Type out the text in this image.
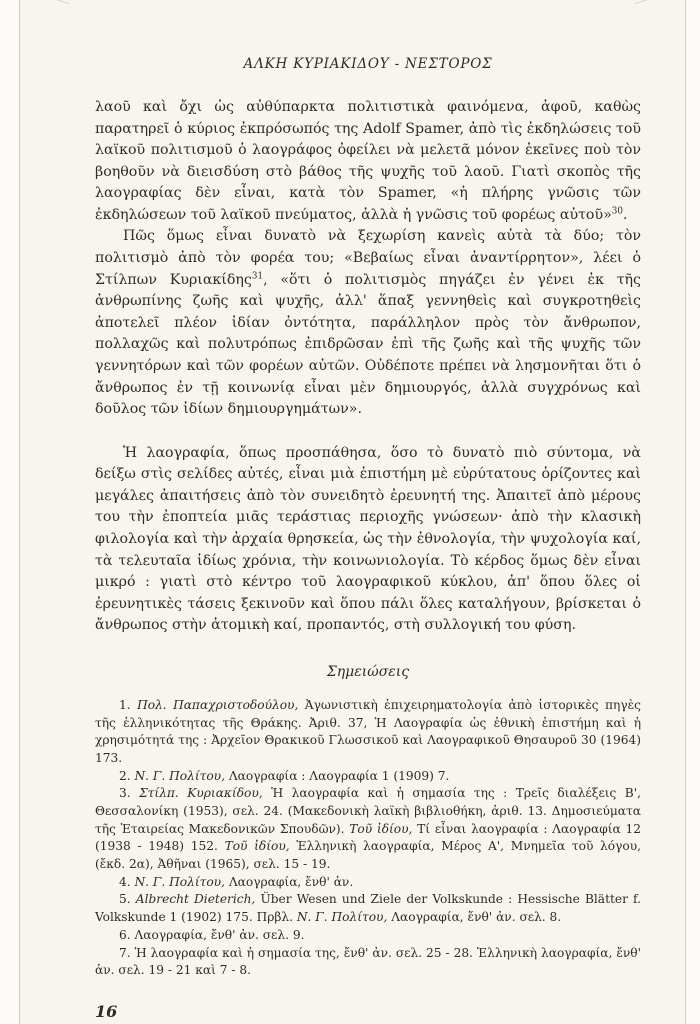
ΑΛΚΗ ΚΥΡΙΑΚΙΔΟΥ - ΝΕΣΤΟΡΟΣ

λαοῦ καὶ ὄχι ὡς αὐθύπαρκτα πολιτιστικὰ φαινόμενα, ἀφοῦ, καθὼς παρατηρεῖ ὁ κύριος ἐκπρόσωπός της Adolf Spamer, ἀπὸ τὶς ἐκδηλώσεις τοῦ λαϊκοῦ πολιτισμοῦ ὁ λαογράφος ὀφείλει νὰ μελετᾶ μόνον ἐκεῖνες ποὺ τὸν βοηθοῦν νὰ διεισδύση στὸ βάθος τῆς ψυχῆς τοῦ λαοῦ. Γιατὶ σκοπὸς τῆς λαογραφίας δὲν εἶναι, κατὰ τὸν Spamer, «ἡ πλήρης γνῶσις τῶν ἐκδηλώσεων τοῦ λαϊκοῦ πνεύματος, ἀλλὰ ἡ γνῶσις τοῦ φορέως αὐτοῦ»$^{30}$.

Πῶς ὅμως εἶναι δυνατὸ νὰ ξεχωρίση κανεὶς αὐτὰ τὰ δύο; τὸν πολιτισμὸ ἀπὸ τὸν φορέα του; «Βεβαίως εἶναι ἀναντίρρητον», λέει ὁ Στίλπων Κυριακίδης$^{31}$, «ὅτι ὁ πολιτισμὸς πηγάζει ἐν γένει ἐκ τῆς ἀνθρωπίνης ζωῆς καὶ ψυχῆς, ἀλλ' ἅπαξ γεννηθεὶς καὶ συγκροτηθεὶς ἀποτελεῖ πλέον ἰδίαν ὀντότητα, παράλληλον πρὸς τὸν ἄνθρωπον, πολλαχῶς καὶ πολυτρόπως ἐπιδρῶσαν ἐπὶ τῆς ζωῆς καὶ τῆς ψυχῆς τῶν γεννητόρων καὶ τῶν φορέων αὐτῶν. Οὐδέποτε πρέπει νὰ λησμονῆται ὅτι ὁ ἄνθρωπος ἐν τῇ κοινωνίᾳ εἶναι μὲν δημιουργός, ἀλλὰ συγχρόνως καὶ δοῦλος τῶν ἰδίων δημιουργημάτων».

Ἡ λαογραφία, ὅπως προσπάθησα, ὅσο τὸ δυνατὸ πιὸ σύντομα, νὰ δείξω στὶς σελίδες αὐτές, εἶναι μιὰ ἐπιστήμη μὲ εὐρύτατους ὁρίζοντες καὶ μεγάλες ἀπαιτήσεις ἀπὸ τὸν συνειδητὸ ἐρευνητή της. Ἀπαιτεῖ ἀπὸ μέρους του τὴν ἐποπτεία μιᾶς τεράστιας περιοχῆς γνώσεων· ἀπὸ τὴν κλασικὴ φιλολογία καὶ τὴν ἀρχαία θρησκεία, ὡς τὴν ἐθνολογία, τὴν ψυχολογία καί, τὰ τελευταῖα ἰδίως χρόνια, τὴν κοινωνιολογία. Τὸ κέρδος ὅμως δὲν εἶναι μικρό : γιατὶ στὸ κέντρο τοῦ λαογραφικοῦ κύκλου, ἀπ' ὅπου ὅλες οἱ ἐρευνητικὲς τάσεις ξεκινοῦν καὶ ὅπου πάλι ὅλες καταλήγουν, βρίσκεται ὁ ἄνθρωπος στὴν ἀτομικὴ καί, προπαντός, στὴ συλλογική του φύση.

Σημειώσεις

1. Πολ. Παπαχριστοδούλου, Ἀγωνιστικὴ ἐπιχειρηματολογία ἀπὸ ἱστορικὲς πηγὲς τῆς ἑλληνικότητας τῆς Θράκης. Ἀριθ. 37, Ἡ Λαογραφία ὡς ἐθνικὴ ἐπιστήμη καὶ ἡ χρησιμότητά της : Ἀρχεῖον Θρακικοῦ Γλωσσικοῦ καὶ Λαογραφικοῦ Θησαυροῦ 30 (1964) 173.

2. Ν. Γ. Πολίτου, Λαογραφία : Λαογραφία 1 (1909) 7.

3. Στίλπ. Κυριακίδου, Ἡ λαογραφία καὶ ἡ σημασία της : Τρεῖς διαλέξεις Β', Θεσσαλονίκη (1953), σελ. 24. (Μακεδονικὴ λαϊκὴ βιβλιοθήκη, ἀριθ. 13. Δημοσιεύματα τῆς Ἑταιρείας Μακεδονικῶν Σπουδῶν). Τοῦ ἰδίου, Τί εἶναι λαογραφία : Λαογραφία 12 (1938 - 1948) 152. Τοῦ ἰδίου, Ἑλληνικὴ λαογραφία, Μέρος Α', Μνημεῖα τοῦ λόγου, (ἔκδ. 2α), Ἀθῆναι (1965), σελ. 15 - 19.

4. Ν. Γ. Πολίτου, Λαογραφία, ἔνθ' ἀν.

5. Albrecht Dieterich, Über Wesen und Ziele der Volkskunde : Hessische Blätter f. Volkskunde 1 (1902) 175. Πρβλ. Ν. Γ. Πολίτου, Λαογραφία, ἔνθ' ἀν. σελ. 8.

6. Λαογραφία, ἔνθ' ἀν. σελ. 9.

7. Ἡ λαογραφία καὶ ἡ σημασία της, ἔνθ' ἀν. σελ. 25 - 28. Ἑλληνικὴ λαογραφία, ἔνθ' ἀν. σελ. 19 - 21 καὶ 7 - 8.

16
